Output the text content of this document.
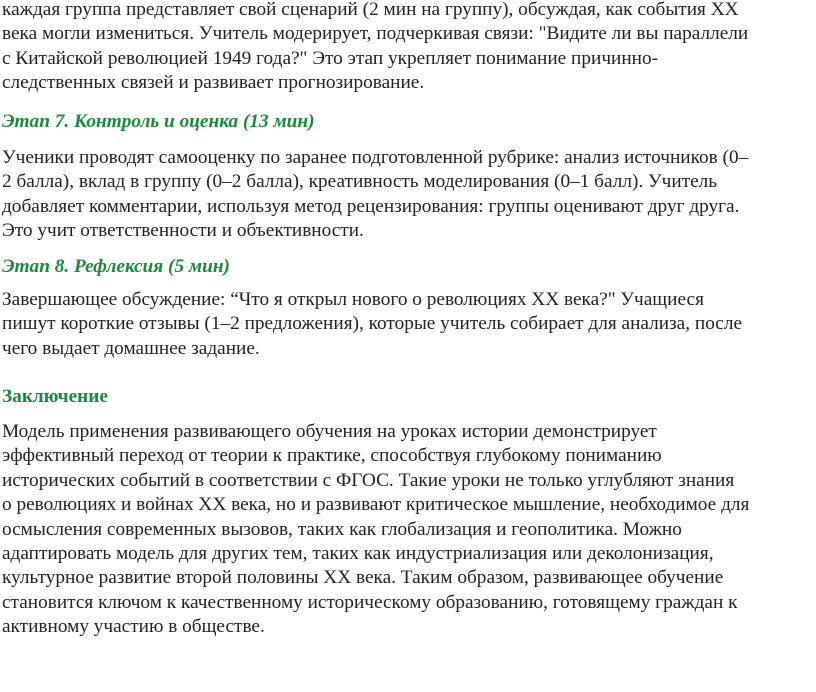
каждая группа представляет свой сценарий (2 мин на группу), обсуждая, как события XX
века могли измениться. Учитель модерирует, подчеркивая связи: "Видите ли вы параллели
с Китайской революцией 1949 года?" Это этап укрепляет понимание причинно-
следственных связей и развивает прогнозирование.
Этап 7. Контроль и оценка (13 мин)
Ученики проводят самооценку по заранее подготовленной рубрике: анализ источников (0–
2 балла), вклад в группу (0–2 балла), креативность моделирования (0–1 балл). Учитель
добавляет комментарии, используя метод рецензирования: группы оценивают друг друга.
Это учит ответственности и объективности.
Этап 8. Рефлексия (5 мин)
Завершающее обсуждение: “Что я открыл нового о революциях XX века?" Учащиеся
пишут короткие отзывы (1–2 предложения), которые учитель собирает для анализа, после
чего выдает домашнее задание.
Заключение
Модель применения развивающего обучения на уроках истории демонстрирует
эффективный переход от теории к практике, способствуя глубокому пониманию
исторических событий в соответствии с ФГОС. Такие уроки не только углубляют знания
о революциях и войнах XX века, но и развивают критическое мышление, необходимое для
осмысления современных вызовов, таких как глобализация и геополитика. Можно
адаптировать модель для других тем, таких как индустриализация или деколонизация,
культурное развитие второй половины XX века. Таким образом, развивающее обучение
становится ключом к качественному историческому образованию, готовящему граждан к
активному участию в обществе.
